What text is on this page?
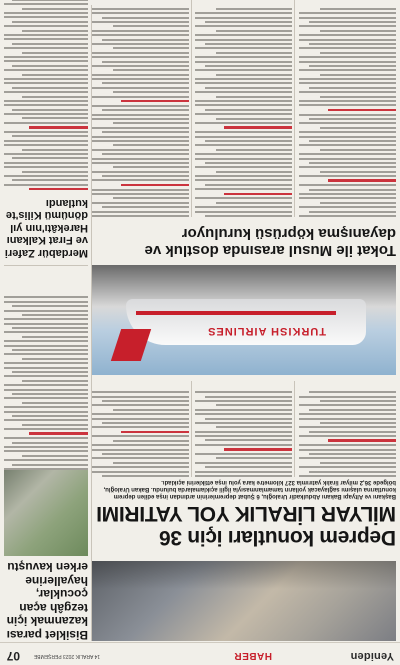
Yeniden
HABER
14 ARALIK 2023 PERŞEMBE
07
Deprem konutları için 36 MİLYAR LİRALIK YOL YATIRIMI
Başkanı ve Altyapı Bakanı Abdulkadir Uraloğlu, 6 Şubat depremlerinin ardından inşa edilen deprem konutlarına ulaşımı sağlayacak yolların tamamlanmasıyla ilgili açıklamalarda bulundu. Bakan Uraloğlu, bölgede 36,2 milyar liralık yatırımla 327 kilometre kara yolu inşa ettiklerini açıkladı.
TURKISH AIRLINES
Tokat ile Musul arasında dostluk ve dayanışma köprüsü kuruluyor
Bisiklet parası kazanmak için tezgâh açan çocuklar, hayallerine erken kavuştu
Merdabür Zaferi ve Fırat Kalkanı Harekâtı'nın yıl dönümü Kilis'te kutlandı
